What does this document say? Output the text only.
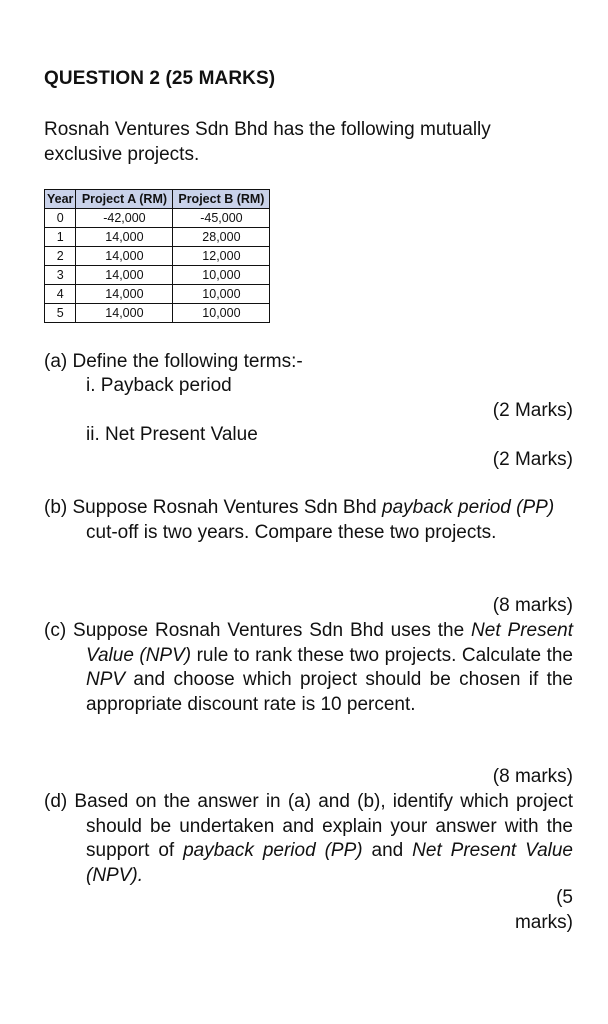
QUESTION 2 (25 MARKS)
Rosnah Ventures Sdn Bhd has the following mutually exclusive projects.
Year	Project A (RM)	Project B (RM)
0	-42,000	-45,000
1	14,000	28,000
2	14,000	12,000
3	14,000	10,000
4	14,000	10,000
5	14,000	10,000
(a) Define the following terms:-
i. Payback period
(2 Marks)
ii. Net Present Value
(2 Marks)
(b) Suppose Rosnah Ventures Sdn Bhd payback period (PP) cut-off is two years. Compare these two projects.
(8 marks)
(c) Suppose Rosnah Ventures Sdn Bhd uses the Net Present Value (NPV) rule to rank these two projects. Calculate the NPV and choose which project should be chosen if the appropriate discount rate is 10 percent.
(8 marks)
(d) Based on the answer in (a) and (b), identify which project should be undertaken and explain your answer with the support of payback period (PP) and Net Present Value (NPV).
(5
marks)
